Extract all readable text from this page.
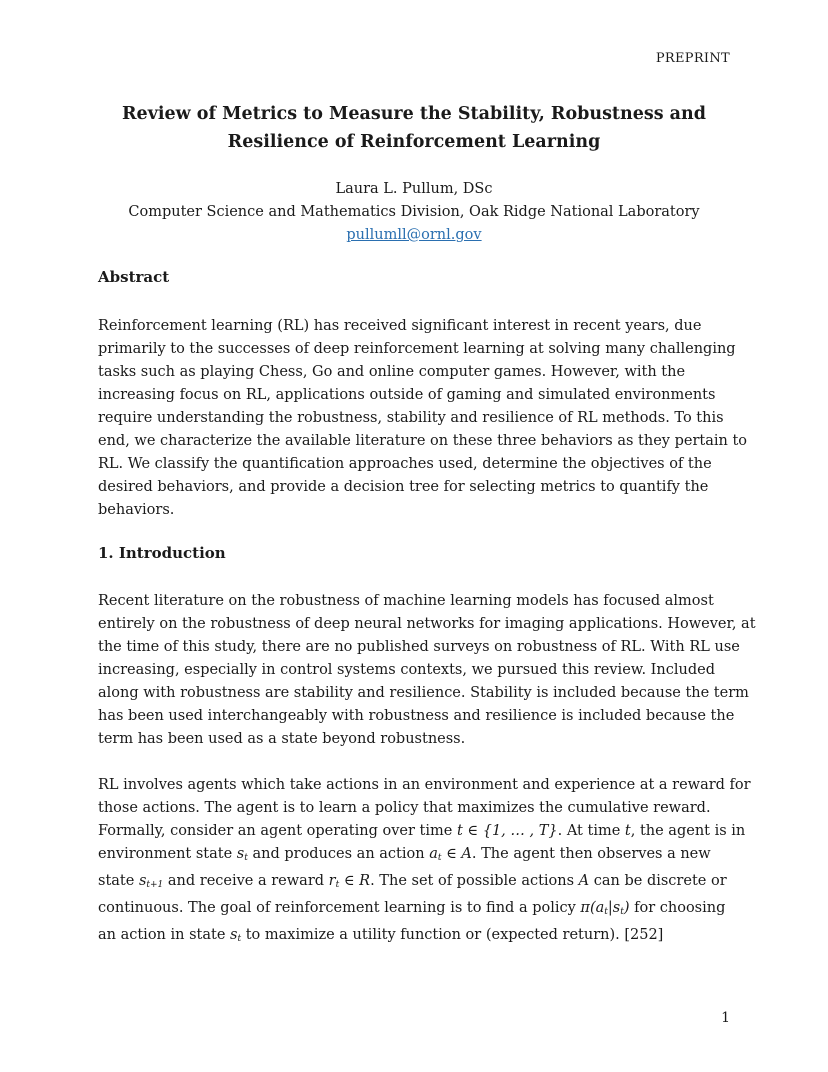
PREPRINT
Review of Metrics to Measure the Stability, Robustness and
Resilience of Reinforcement Learning
Laura L. Pullum, DSc
Computer Science and Mathematics Division, Oak Ridge National Laboratory
pullumll@ornl.gov
Abstract
Reinforcement learning (RL) has received significant interest in recent years, due
primarily to the successes of deep reinforcement learning at solving many challenging
tasks such as playing Chess, Go and online computer games. However, with the
increasing focus on RL, applications outside of gaming and simulated environments
require understanding the robustness, stability and resilience of RL methods. To this
end, we characterize the available literature on these three behaviors as they pertain to
RL. We classify the quantification approaches used, determine the objectives of the
desired behaviors, and provide a decision tree for selecting metrics to quantify the
behaviors.
1. Introduction
Recent literature on the robustness of machine learning models has focused almost
entirely on the robustness of deep neural networks for imaging applications. However, at
the time of this study, there are no published surveys on robustness of RL. With RL use
increasing, especially in control systems contexts, we pursued this review. Included
along with robustness are stability and resilience. Stability is included because the term
has been used interchangeably with robustness and resilience is included because the
term has been used as a state beyond robustness.
RL involves agents which take actions in an environment and experience at a reward for
those actions. The agent is to learn a policy that maximizes the cumulative reward.
Formally, consider an agent operating over time t ∈ {1, … , T}. At time t, the agent is in
environment state $s_t$ and produces an action $a_t$ ∈ A. The agent then observes a new
state $s_{t+1}$ and receive a reward $r_t$ ∈ R. The set of possible actions A can be discrete or
continuous. The goal of reinforcement learning is to find a policy $\pi(a_t|s_t)$ for choosing
an action in state $s_t$ to maximize a utility function or (expected return). [252]
1
